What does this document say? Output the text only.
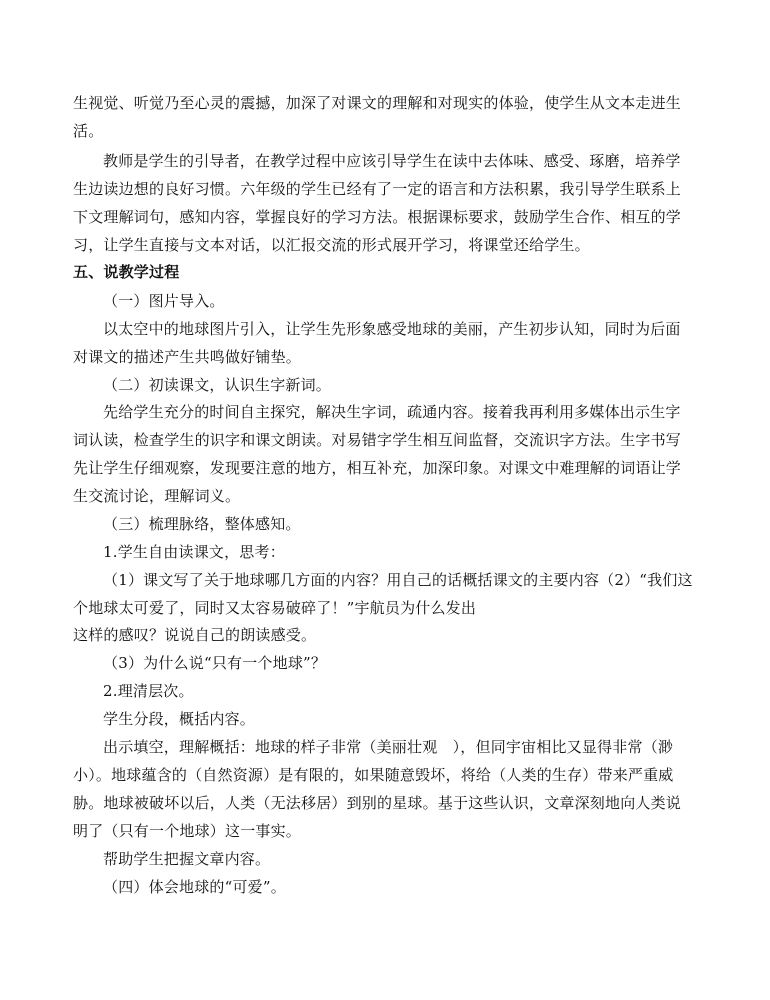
生视觉、听觉乃至心灵的震撼，加深了对课文的理解和对现实的体验，使学生从文本走进生
活。
教师是学生的引导者，在教学过程中应该引导学生在读中去体味、感受、琢磨，培养学
生边读边想的良好习惯。六年级的学生已经有了一定的语言和方法积累，我引导学生联系上
下文理解词句，感知内容，掌握良好的学习方法。根据课标要求，鼓励学生合作、相互的学
习，让学生直接与文本对话，以汇报交流的形式展开学习，将课堂还给学生。
五、说教学过程
（一）图片导入。
以太空中的地球图片引入，让学生先形象感受地球的美丽，产生初步认知，同时为后面
对课文的描述产生共鸣做好铺垫。
（二）初读课文，认识生字新词。
先给学生充分的时间自主探究，解决生字词，疏通内容。接着我再利用多媒体出示生字
词认读，检查学生的识字和课文朗读。对易错字学生相互间监督，交流识字方法。生字书写
先让学生仔细观察，发现要注意的地方，相互补充，加深印象。对课文中难理解的词语让学
生交流讨论，理解词义。
（三）梳理脉络，整体感知。
1.学生自由读课文，思考：
（1）课文写了关于地球哪几方面的内容？用自己的话概括课文的主要内容（2）“我们这
个地球太可爱了，同时又太容易破碎了！”宇航员为什么发出
这样的感叹？说说自己的朗读感受。
（3）为什么说“只有一个地球”？
2.理清层次。
学生分段，概括内容。
出示填空，理解概括：地球的样子非常（美丽壮观　），但同宇宙相比又显得非常（渺
小）。地球蕴含的（自然资源）是有限的，如果随意毁坏，将给（人类的生存）带来严重威
胁。地球被破坏以后，人类（无法移居）到别的星球。基于这些认识，文章深刻地向人类说
明了（只有一个地球）这一事实。
帮助学生把握文章内容。
（四）体会地球的“可爱”。
